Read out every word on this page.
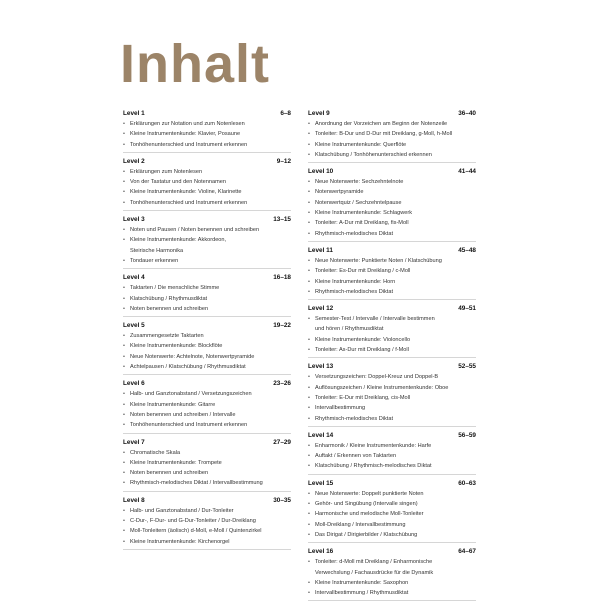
Inhalt
Level 1	6–8
• Erklärungen zur Notation und zum Notenlesen
• Kleine Instrumentenkunde: Klavier, Posaune
• Tonhöhenunterschied und Instrument erkennen
Level 2	9–12
• Erklärungen zum Notenlesen
• Von der Tastatur und den Notennamen
• Kleine Instrumentenkunde: Violine, Klarinette
• Tonhöhenunterschied und Instrument erkennen
Level 3	13–15
• Noten und Pausen / Noten benennen und schreiben
• Kleine Instrumentenkunde: Akkordeon,
Steirische Harmonika
• Tondauer erkennen
Level 4	16–18
• Taktarten / Die menschliche Stimme
• Klatschübung / Rhythmusdiktat
• Noten benennen und schreiben
Level 5	19–22
• Zusammengesetzte Taktarten
• Kleine Instrumentenkunde: Blockflöte
• Neue Notenwerte: Achtelnote, Notenwertpyramide
• Achtelpausen / Klatschübung / Rhythmusdiktat
Level 6	23–26
• Halb- und Ganztonabstand / Versetzungszeichen
• Kleine Instrumentenkunde: Gitarre
• Noten benennen und schreiben / Intervalle
• Tonhöhenunterschied und Instrument erkennen
Level 7	27–29
• Chromatische Skala
• Kleine Instrumentenkunde: Trompete
• Noten benennen und schreiben
• Rhythmisch-melodisches Diktat / Intervallbestimmung
Level 8	30–35
• Halb- und Ganztonabstand / Dur-Tonleiter
• C-Dur-, F-Dur- und G-Dur-Tonleiter / Dur-Dreiklang
• Moll-Tonleitern (äolisch) d-Moll, e-Moll / Quintenzirkel
• Kleine Instrumentenkunde: Kirchenorgel
Level 9	36–40
• Anordnung der Vorzeichen am Beginn der Notenzeile
• Tonleiter: B-Dur und D-Dur mit Dreiklang, g-Moll, h-Moll
• Kleine Instrumentenkunde: Querflöte
• Klatschübung / Tonhöhenunterschied erkennen
Level 10	41–44
• Neue Notenwerte: Sechzehntelnote
• Notenwertpyramide
• Notenwertquiz / Sechzehntelpause
• Kleine Instrumentenkunde: Schlagwerk
• Tonleiter: A-Dur mit Dreiklang, fis-Moll
• Rhythmisch-melodisches Diktat
Level 11	45–48
• Neue Notenwerte: Punktierte Noten / Klatschübung
• Tonleiter: Es-Dur mit Dreiklang / c-Moll
• Kleine Instrumentenkunde: Horn
• Rhythmisch-melodisches Diktat
Level 12	49–51
• Semester-Test / Intervalle / Intervalle bestimmen
und hören / Rhythmusdiktat
• Kleine Instrumentenkunde: Violoncello
• Tonleiter: As-Dur mit Dreiklang / f-Moll
Level 13	52–55
• Versetzungszeichen: Doppel-Kreuz und Doppel-B
• Auflösungszeichen / Kleine Instrumentenkunde: Oboe
• Tonleiter: E-Dur mit Dreiklang, cis-Moll
• Intervallbestimmung
• Rhythmisch-melodisches Diktat
Level 14	56–59
• Enharmonik / Kleine Instrumentenkunde: Harfe
• Auftakt / Erkennen von Taktarten
• Klatschübung / Rhythmisch-melodisches Diktat
Level 15	60–63
• Neue Notenwerte: Doppelt punktierte Noten
• Gehör- und Singübung (Intervalle singen)
• Harmonische und melodische Moll-Tonleiter
• Moll-Dreiklang / Intervallbestimmung
• Das Dirigat / Dirigierbilder / Klatschübung
Level 16	64–67
• Tonleiter: d-Moll mit Dreiklang / Enharmonische
Verwechslung / Fachausdrücke für die Dynamik
• Kleine Instrumentenkunde: Saxophon
• Intervallbestimmung / Rhythmusdiktat
